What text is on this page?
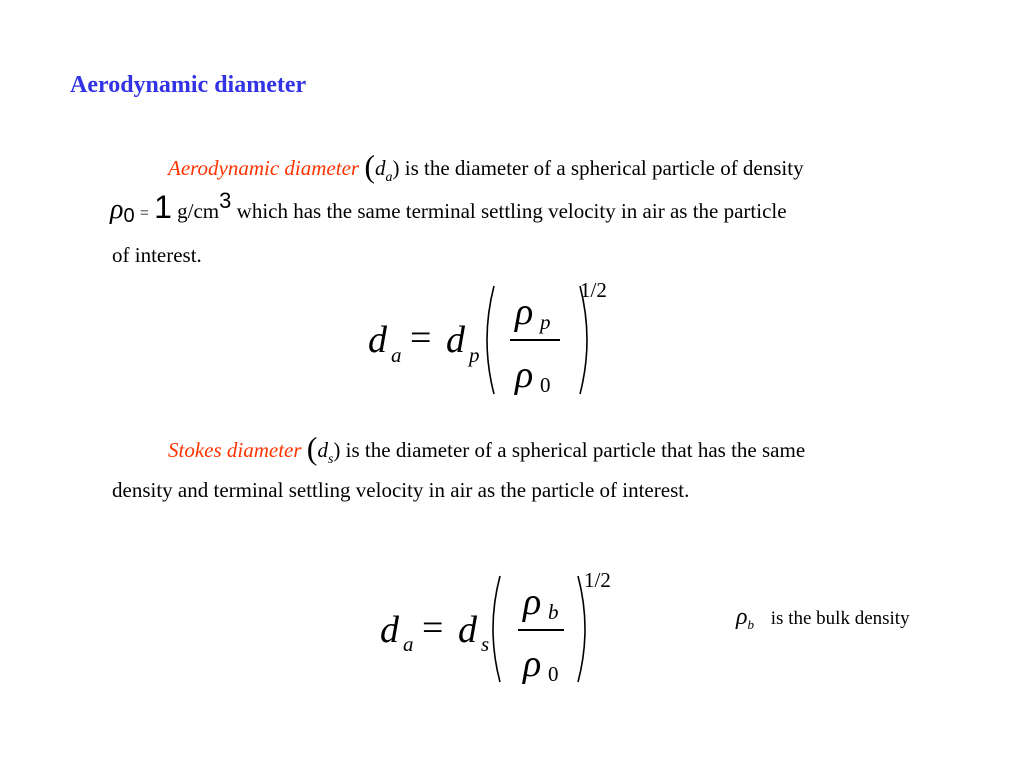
Aerodynamic diameter
Aerodynamic diameter $(d_a)$ is the diameter of a spherical particle of density
ρ0 = 1 g/cm3 which has the same terminal settling velocity in air as the particle
of interest.
d a = d p
ρ p
ρ 0
1/2
Stokes diameter $(d_s)$ is the diameter of a spherical particle that has the same
density and terminal settling velocity in air as the particle of interest.
d a = d s
ρ b
ρ 0
1/2
$\rho_b$ is the bulk density
